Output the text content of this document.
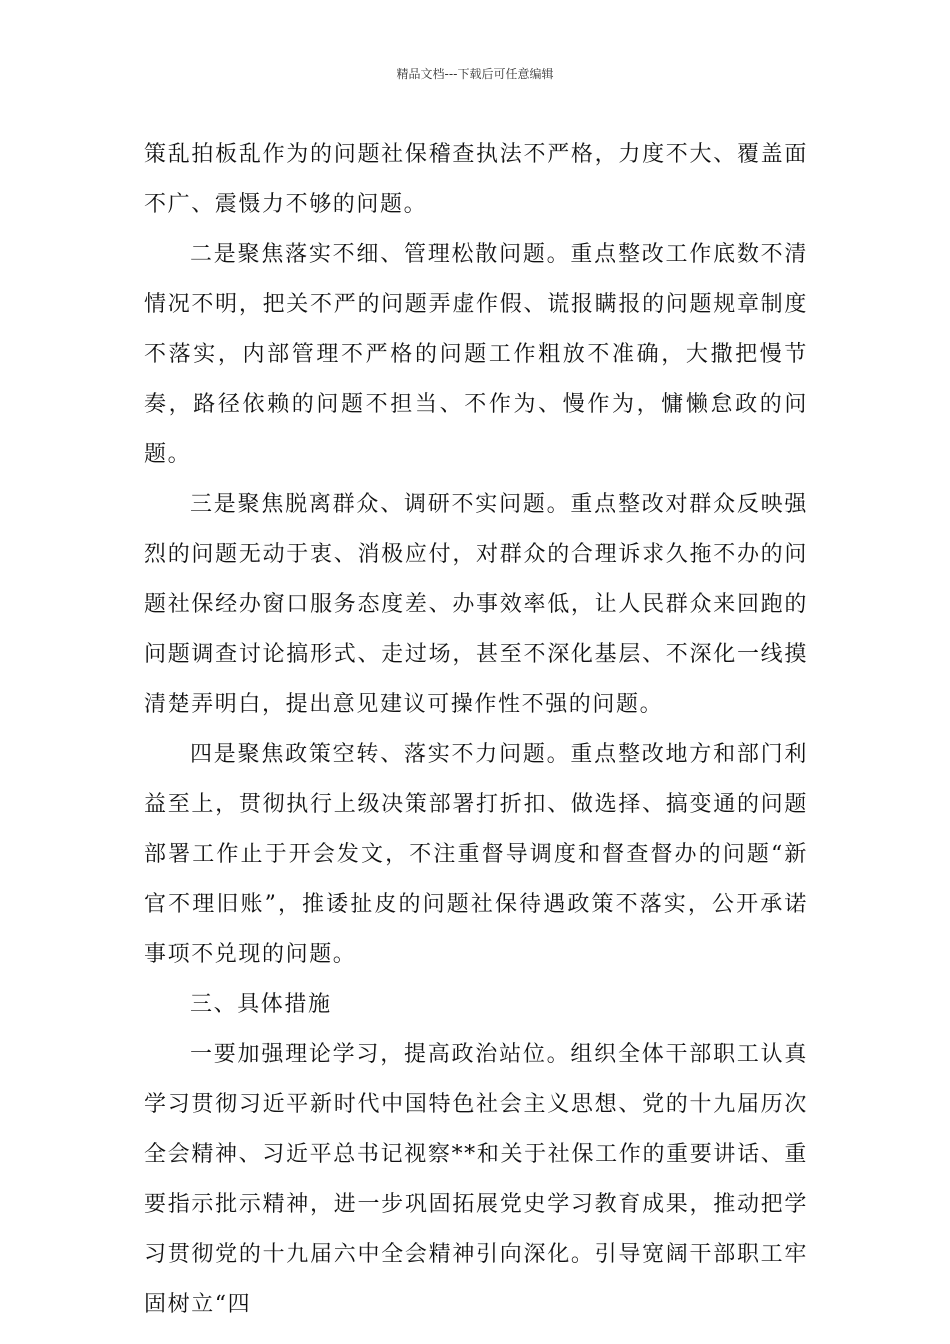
精品文档---下载后可任意编辑

策乱拍板乱作为的问题社保稽查执法不严格，力度不大、覆盖面不广、震慑力不够的问题。

二是聚焦落实不细、管理松散问题。重点整改工作底数不清情况不明，把关不严的问题弄虚作假、谎报瞒报的问题规章制度不落实，内部管理不严格的问题工作粗放不准确，大撒把慢节奏，路径依赖的问题不担当、不作为、慢作为，慵懒怠政的问题。

三是聚焦脱离群众、调研不实问题。重点整改对群众反映强烈的问题无动于衷、消极应付，对群众的合理诉求久拖不办的问题社保经办窗口服务态度差、办事效率低，让人民群众来回跑的问题调查讨论搞形式、走过场，甚至不深化基层、不深化一线摸清楚弄明白，提出意见建议可操作性不强的问题。

四是聚焦政策空转、落实不力问题。重点整改地方和部门利益至上，贯彻执行上级决策部署打折扣、做选择、搞变通的问题部署工作止于开会发文，不注重督导调度和督查督办的问题“新官不理旧账”，推诿扯皮的问题社保待遇政策不落实，公开承诺事项不兑现的问题。

三、具体措施

一要加强理论学习，提高政治站位。组织全体干部职工认真学习贯彻习近平新时代中国特色社会主义思想、党的十九届历次全会精神、习近平总书记视察**和关于社保工作的重要讲话、重要指示批示精神，进一步巩固拓展党史学习教育成果，推动把学习贯彻党的十九届六中全会精神引向深化。引导宽阔干部职工牢固树立“四
